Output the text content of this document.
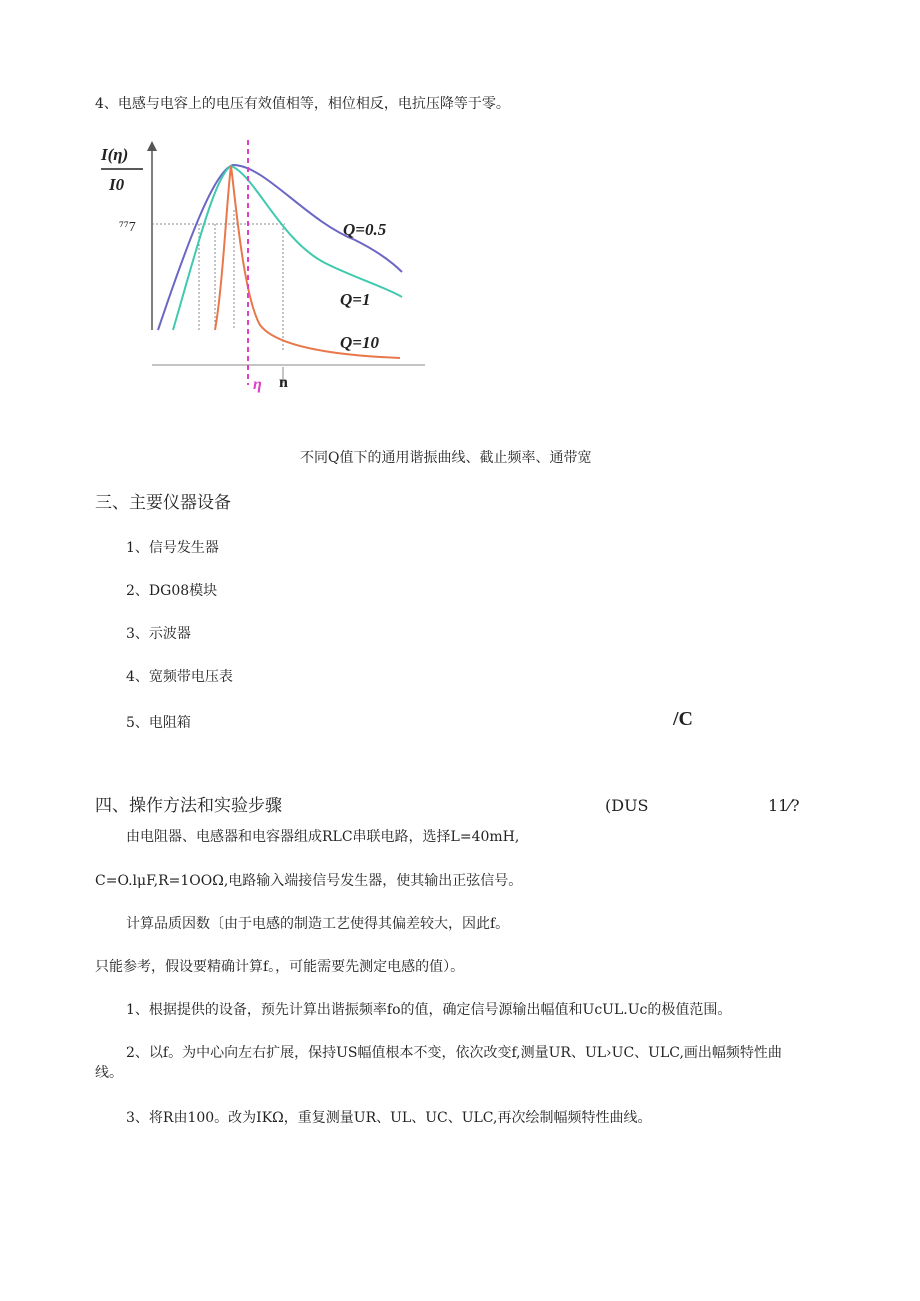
4、电感与电容上的电压有效值相等，相位相反，电抗压降等于零。
I(η)
I0
⁷⁷7	Q=0.5
Q=1
Q=10
η n
不同Q值下的通用谐振曲线、截止频率、通带宽
三、主要仪器设备
1、信号发生器
2、DG08模块
3、示波器
4、宽频带电压表
5、电阻箱	/C
四、操作方法和实验步骤	(DUS	11⁄?
由电阻器、电感器和电容器组成RLC串联电路，选择L=40mH,
C=O.lμF,R=1OOΩ,电路输入端接信号发生器，使其输出正弦信号。
计算品质因数〔由于电感的制造工艺使得其偏差较大，因此f。
只能参考，假设要精确计算f。，可能需要先测定电感的值）。
1、根据提供的设备，预先计算出谐振频率fo的值，确定信号源输出幅值和UcUL.Uc的极值范围。
2、以f。为中心向左右扩展，保持US幅值根本不变，依次改变f,测量UR、UL›UC、ULC,画出幅频特性曲
线。
3、将R由100。改为IKΩ，重复测量UR、UL、UC、ULC,再次绘制幅频特性曲线。
